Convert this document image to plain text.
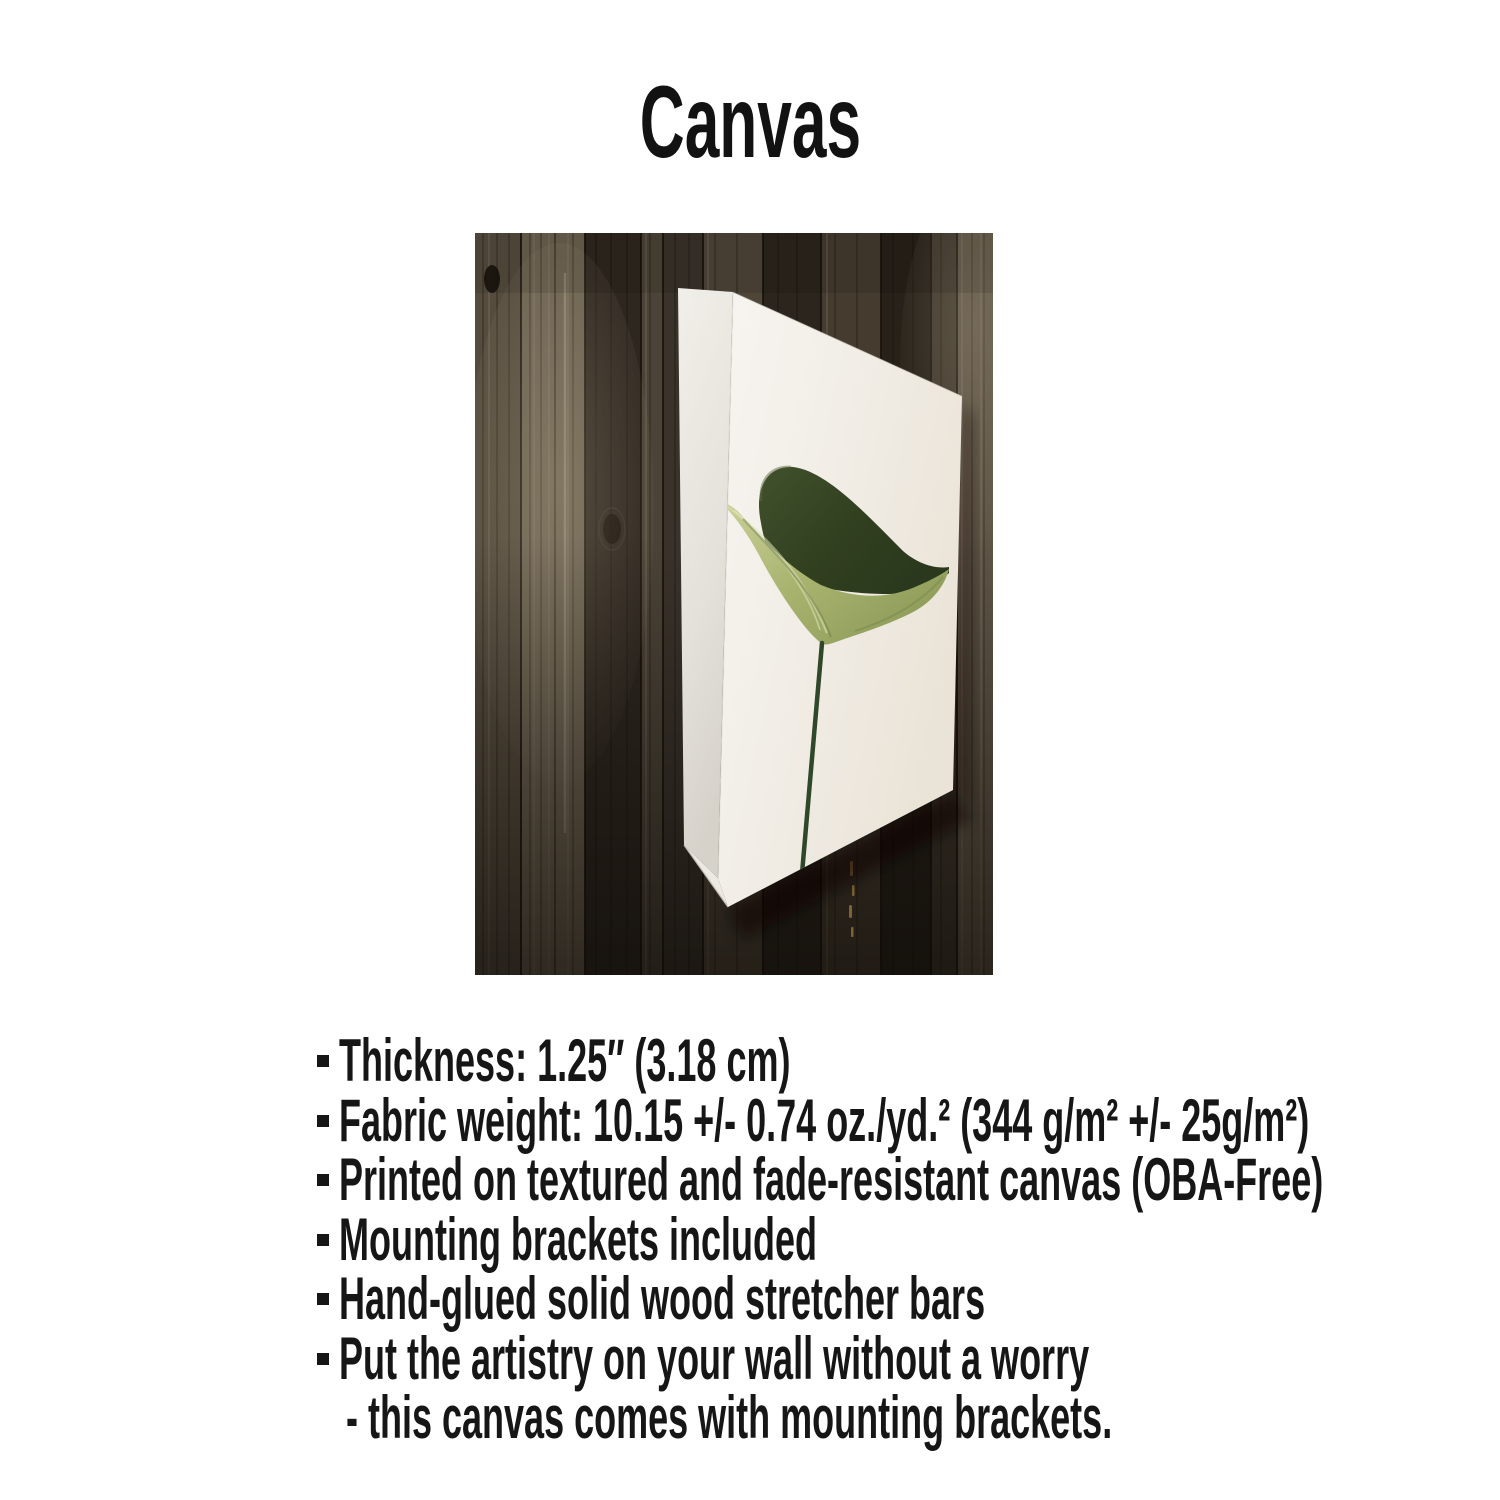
Canvas
Thickness: 1.25″ (3.18 cm)
Fabric weight: 10.15 +/- 0.74 oz./yd.² (344 g/m² +/- 25g/m²)
Printed on textured and fade-resistant canvas (OBA-Free)
Mounting brackets included
Hand-glued solid wood stretcher bars
Put the artistry on your wall without a worry
- this canvas comes with mounting brackets.
